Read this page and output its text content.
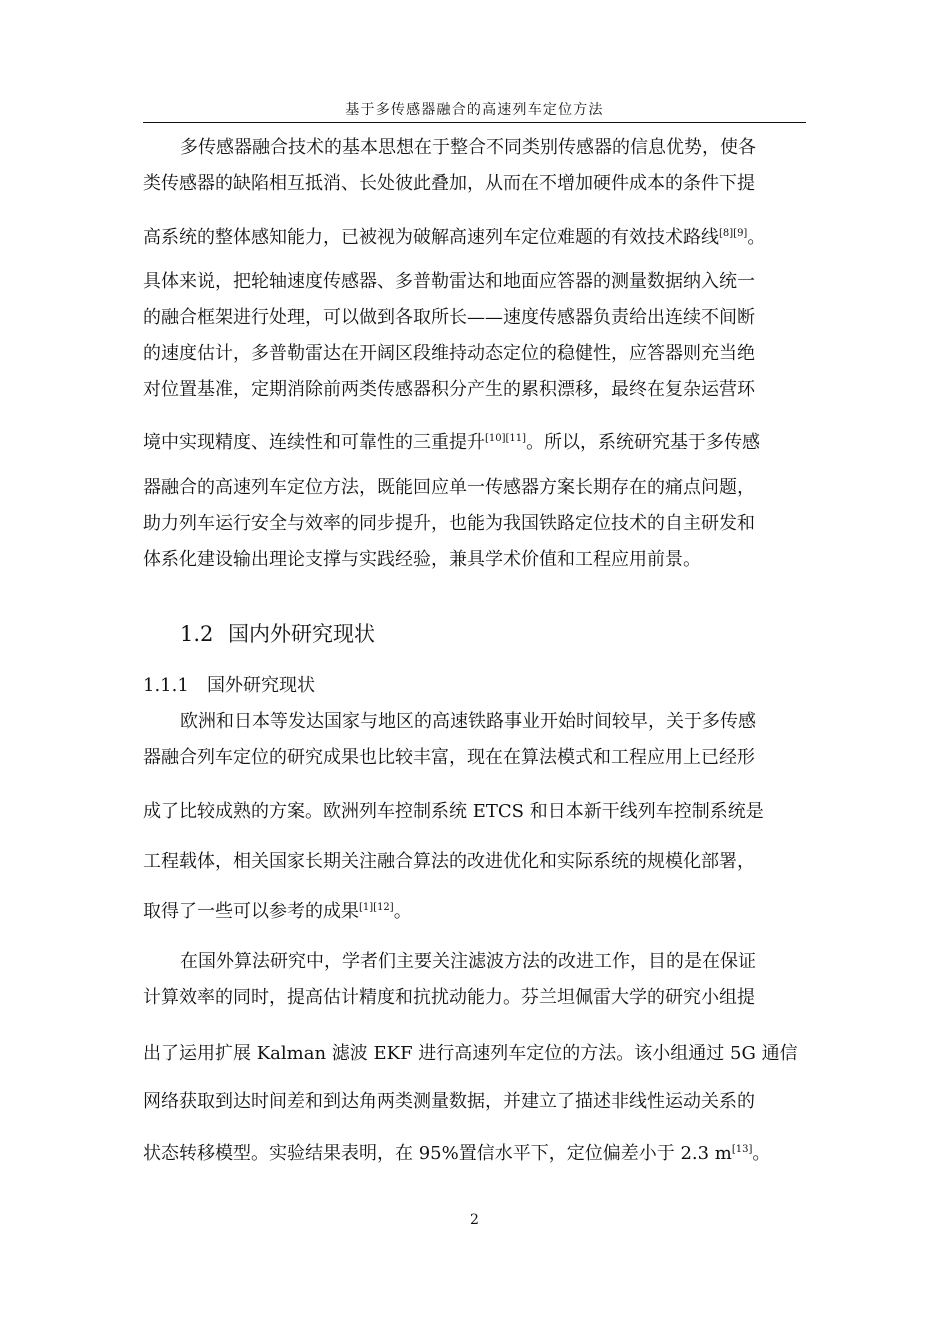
基于多传感器融合的高速列车定位方法
多传感器融合技术的基本思想在于整合不同类别传感器的信息优势，使各
类传感器的缺陷相互抵消、长处彼此叠加，从而在不增加硬件成本的条件下提
高系统的整体感知能力，已被视为破解高速列车定位难题的有效技术路线[8][9]。
具体来说，把轮轴速度传感器、多普勒雷达和地面应答器的测量数据纳入统一
的融合框架进行处理，可以做到各取所长——速度传感器负责给出连续不间断
的速度估计，多普勒雷达在开阔区段维持动态定位的稳健性，应答器则充当绝
对位置基准，定期消除前两类传感器积分产生的累积漂移，最终在复杂运营环
境中实现精度、连续性和可靠性的三重提升[10][11]。所以，系统研究基于多传感
器融合的高速列车定位方法，既能回应单一传感器方案长期存在的痛点问题，
助力列车运行安全与效率的同步提升，也能为我国铁路定位技术的自主研发和
体系化建设输出理论支撑与实践经验，兼具学术价值和工程应用前景。
1.2 国内外研究现状
1.1.1 国外研究现状
欧洲和日本等发达国家与地区的高速铁路事业开始时间较早，关于多传感
器融合列车定位的研究成果也比较丰富，现在在算法模式和工程应用上已经形
成了比较成熟的方案。欧洲列车控制系统 ETCS 和日本新干线列车控制系统是
工程载体，相关国家长期关注融合算法的改进优化和实际系统的规模化部署，
取得了一些可以参考的成果[1][12]。
在国外算法研究中，学者们主要关注滤波方法的改进工作，目的是在保证
计算效率的同时，提高估计精度和抗扰动能力。芬兰坦佩雷大学的研究小组提
出了运用扩展 Kalman 滤波 EKF 进行高速列车定位的方法。该小组通过 5G 通信
网络获取到达时间差和到达角两类测量数据，并建立了描述非线性运动关系的
状态转移模型。实验结果表明，在 95%置信水平下，定位偏差小于 2.3 m[13]。
2
